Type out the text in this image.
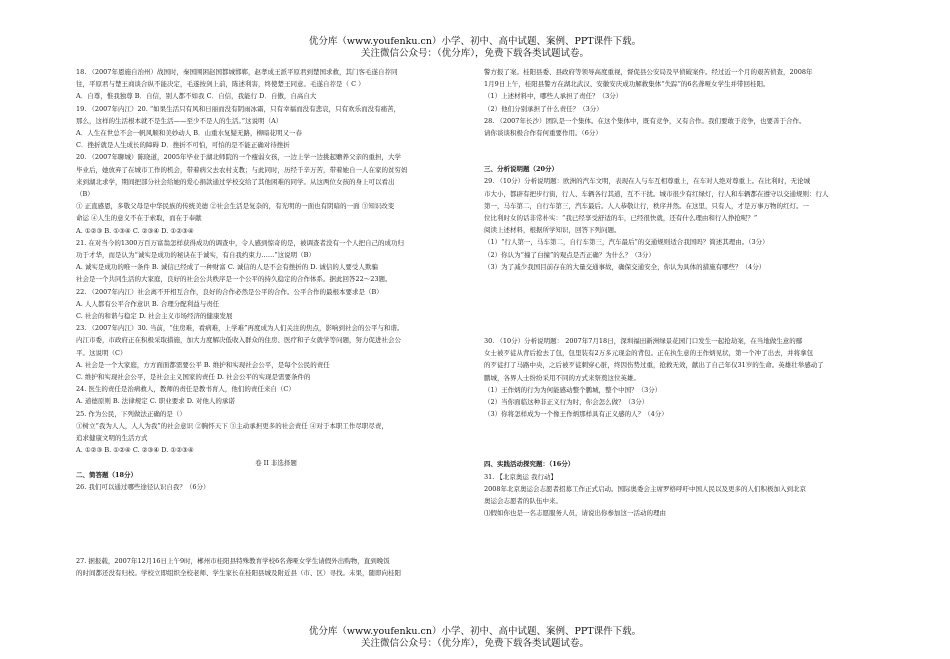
优分库（www.youfenku.cn）小学、初中、高中试题、案例、PPT课件下载。
关注微信公众号：（优分库），免费下载各类试题试卷。

18. （2007年恩施自治州）战国时，秦国围困赵国都城邯郸，赵孝成王派平原君到楚国求救，其门客毛遂自荐同

往，平原君与楚王商谈合纵不能决定，毛遂按剑上前，陈述利害，终使楚王同意。毛遂自荐是（ C ）

A．自尊，惟我独尊 B．自信，别人都不如我 C．自信，我能行 D．自傲，自高自大

19. （2007年内江）20. “如果生活只有风和日丽而没有阴雨冰霜，只有幸福而没有悲哀，只有欢乐而没有痛苦，

那么，这样的生活根本就不是生活——至少不是人的生活。”这说明（A）

A．人生在世总不会一帆风顺和美妙动人 B．山重水复疑无路，柳暗花明又一春

C．挫折就是人生成长的障碍 D．挫折不可怕，可怕的是不能正确对待挫折

20. （2007年聊城）陈晓道，2005年毕业于湖北师院的一个瘦弱女孩，一边上学一边挑起赡养父亲的重担，大学

毕业后，她放弃了在城市工作的机会，带着病父去农村支教；与此同时，历经千辛万苦，带着她自一人在家的贫穷妈

来到湖北求学，期间把部分社会给她的爱心捐款通过学校交给了其他困难的同学。从这两位女孩的身上可以看出

（B）

① 正直感恩，多敬父母是中华民族的传统美德 ②社会生活是复杂的，有光明的一面也有阴暗的一面 ③知识改变

命运 ④人生的意义不在于索取，而在于奉献

A. ①②③ B. ①③④ C. ②③④ D. ①②③④

21. 在对当今的1300万百万富翁怎样获得成功的调查中，令人感到惊奇的是，被调查者没有一个人把自己的成功归

功于才华，而是认为“诚实是成功的秘诀在于诚实，有自我约束力……”这说明（B）

A. 诚实是成功的唯一条件 B. 诚信已经成了一种财富 C. 诚信的人是不会有挫折的 D. 诚信的人要受人欺骗

社会是一个共同生活的大家庭，良好的社会公共秩序是一个公平的持久稳定的合作体系。据此回答22～23题。

22. （2007年内江）社会离不开相互合作，良好的合作必然是公平的合作。公平合作的最根本要求是（B）

A. 人人都有公平合作意识 B. 合理分配利益与责任

C. 社会的和谐与稳定 D. 社会主义市场经济的健康发展

23. （2007年内江）30. 当前，“住房难，看病难，上学难”再度成为人们关注的焦点，影响到社会的公平与和谐。

内江市委，市政府正在积极采取措施，加大力度解决低收入群众的住房、医疗和子女就学等问题，努力促进社会公

平。这说明（C）

A. 社会是一个大家庭，方方面面都需要公平 B. 维护和实现社会公平，是每个公民的责任

C. 维护和实现社会公平，是社会主义国家的责任 D. 社会公平的实现是需要条件的

24. 医生的责任是治病救人，教师的责任是教书育人，他们的责任来自（C）

A. 道德原则 B. 法律规定 C. 职业要求 D. 对他人的承诺

25. 作为公民，下列做法正确的是（）

①树立“我为人人，人人为我”的社会意识 ②胸怀天下 ③主动承担更多的社会责任 ④对于本职工作尽职尽责，

追求健康文明的生活方式

A. ①②③ B. ①②④ C. ②③④ D. ①②③④

卷 II 非选择题

二、简答题（18分）

26. 我们可以通过哪些途径认识自我？（6分）

27. 据报载，2007年12月16日上午9时，郴州市桂阳县特殊教育学校6名聋哑女学生请假外出购物，直到晚饭

的时间都还没有归校。学校立即组织全校老师、学生家长在桂阳县城及附近县（市、区）寻找。未果，随即向桂阳

警方报了案。桂阳县委、县政府等领导高度重视，督促县公安局及早侦破案件。经过近一个月的艰苦侦查，2008年

1月9日上午，桂阳县警方在湖北武汉、安徽安庆成功解救集体“失踪”的6名聋哑女学生并带回桂阳。

（1）上述材料中，哪些人承担了责任？（3分）

（2）他们分别承担了什么责任？（3分）

28. （2007年长沙）团队是一个集体。在这个集体中，既有竞争，又有合作。我们要敢于竞争，也要善于合作。

请你谈谈积极合作有何重要作用。（6分）

三、分析说明题（20分）

29. （10分）分析说明题：欧洲的汽车文明，表现在人与车互相尊重上，在车对人绝对尊重上。在比利时，无论城

市大小，都辟有把步行街，行人、车辆各行其道，互不干扰。城市很少有红绿灯，行人和车辆都在遵守以交通规则：行人

第一，马车第二，自行车第三，汽车最后。人人恭敬让行，秩序井然。在这里，只有人，才是万事万物的红灯。一

位比利时女的话非常朴实：“我已经享受舒适的车，已经很快就，还有什么理由和行人挣抢呢？”

阅读上述材料，根据所学知识，回答下列问题。

（1）“行人第一，马车第二，自行车第三，汽车最后”的交通规则适合我国吗？简述其理由。（3分）

（2）你认为“撞了白撞”的观点是否正确？为什么？（3分）

（3）为了减少我国目前存在的大量交通事故，确保交通安全，你认为具体的措施有哪些？（4分）

30. （10分）分析说明题： 2007年7月18日，深圳福田新洲绿景花园门口发生一起抢劫案，在当地做生意的鄢

女士被歹徒从背后抢去了包，包里装有2万多元现金的背包。正在执生意的王作炳见状，第一个冲了出去，并将拿包

的歹徒打了马路中央，之后被歹徒刺穿心脏，终因伤势过重，抢救无效，献出了自己年仅31岁的生命。英雄壮举感动了

鹏城，各界人士纷纷采用不同的方式来祭奠这位英雄。

（1）王作炳的行为为何能感动整个鹏城，整个中国？（3分）

（2）当你面临这种非正义行为时，你会怎么做？（3分）

（3）你将怎样成为一个像王作炳那样具有正义感的人？（4分）

四、实践活动探究题：（16分）

31. 【北京奥运 我行动】

2008年北京奥运会志愿者招募工作正式启动。国际奥委会主席罗格呼吁中国人民以及更多的人们积极加入到北京

奥运会志愿者的队伍中来。

⑴假如你也是一名志愿服务人员，请说出你参加这一活动的理由

优分库（www.youfenku.cn）小学、初中、高中试题、案例、PPT课件下载。
关注微信公众号：（优分库），免费下载各类试题试卷。
